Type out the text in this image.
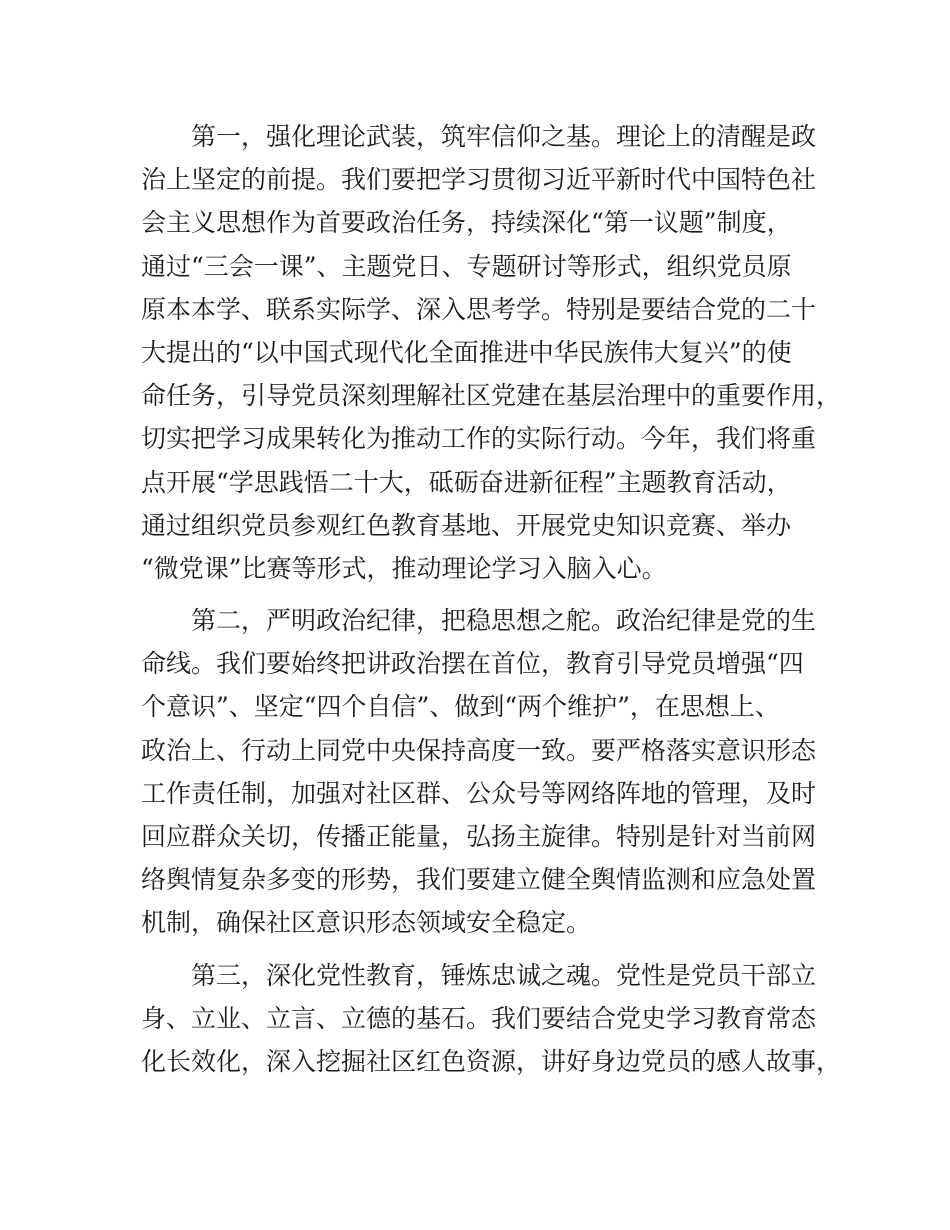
　　第一，强化理论武装，筑牢信仰之基。理论上的清醒是政
治上坚定的前提。我们要把学习贯彻习近平新时代中国特色社
会主义思想作为首要政治任务，持续深化“第一议题”制度，
通过“三会一课”、主题党日、专题研讨等形式，组织党员原
原本本学、联系实际学、深入思考学。特别是要结合党的二十
大提出的“以中国式现代化全面推进中华民族伟大复兴”的使
命任务，引导党员深刻理解社区党建在基层治理中的重要作用，
切实把学习成果转化为推动工作的实际行动。今年，我们将重
点开展“学思践悟二十大，砥砺奋进新征程”主题教育活动，
通过组织党员参观红色教育基地、开展党史知识竞赛、举办
“微党课”比赛等形式，推动理论学习入脑入心。
　　第二，严明政治纪律，把稳思想之舵。政治纪律是党的生
命线。我们要始终把讲政治摆在首位，教育引导党员增强“四
个意识”、坚定“四个自信”、做到“两个维护”，在思想上、
政治上、行动上同党中央保持高度一致。要严格落实意识形态
工作责任制，加强对社区群、公众号等网络阵地的管理，及时
回应群众关切，传播正能量，弘扬主旋律。特别是针对当前网
络舆情复杂多变的形势，我们要建立健全舆情监测和应急处置
机制，确保社区意识形态领域安全稳定。
　　第三，深化党性教育，锤炼忠诚之魂。党性是党员干部立
身、立业、立言、立德的基石。我们要结合党史学习教育常态
化长效化，深入挖掘社区红色资源，讲好身边党员的感人故事，
